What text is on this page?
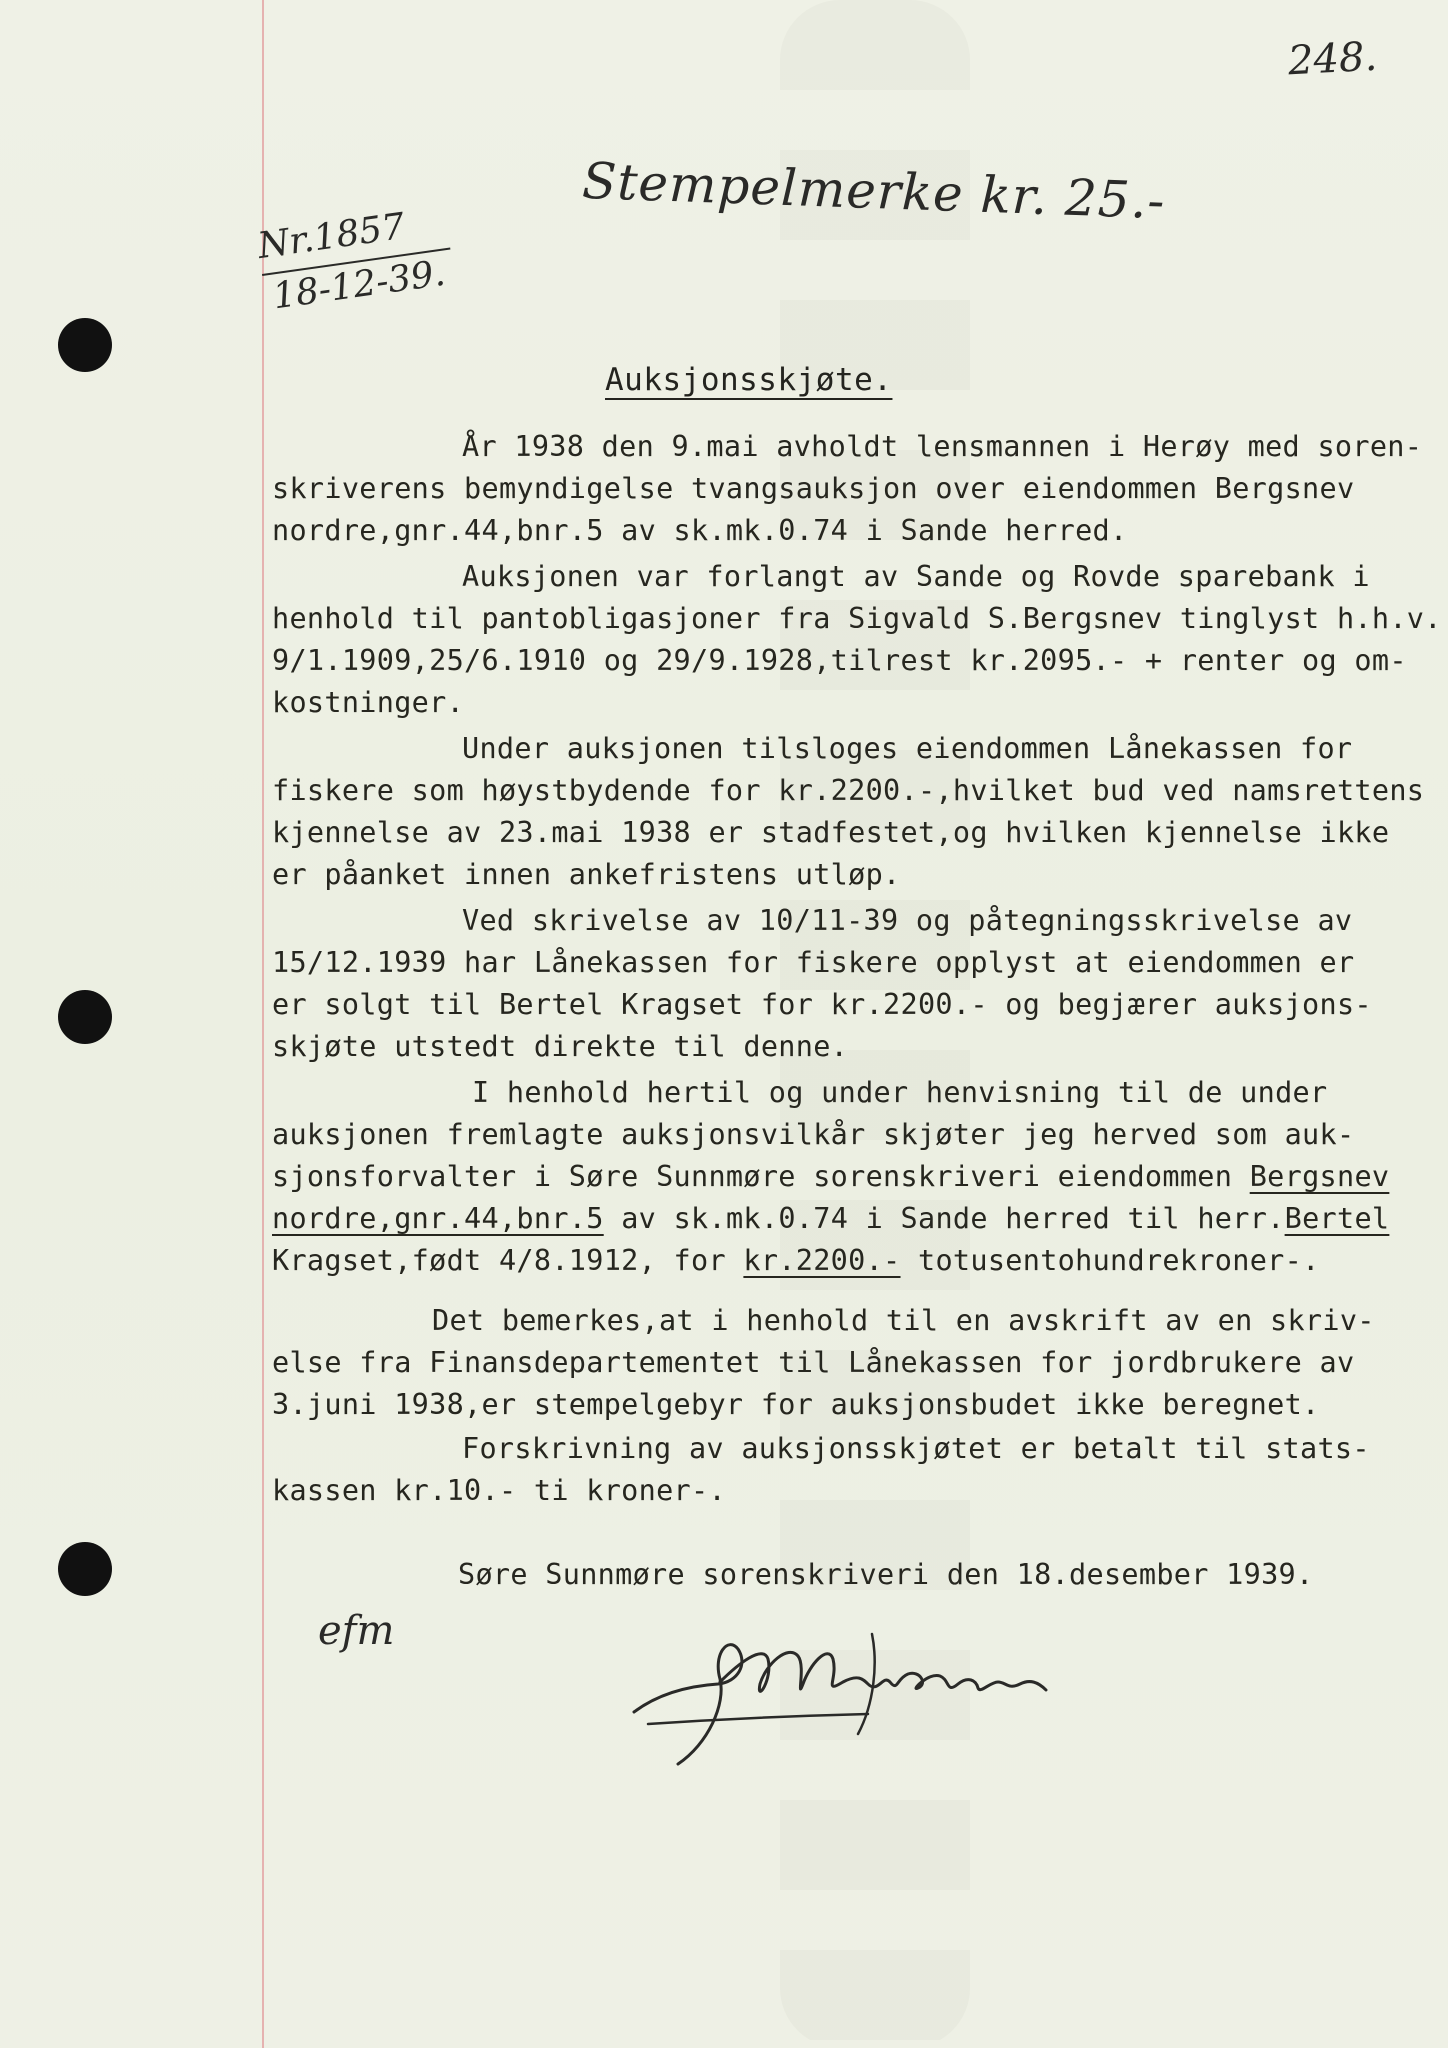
248.
Stempelmerke kr. 25.-
Nr.1857
18-12-39.
Auksjonsskjøte.
År 1938 den 9.mai avholdt lensmannen i Herøy med soren-
skriverens bemyndigelse tvangsauksjon over eiendommen Bergsnev
nordre,gnr.44,bnr.5 av sk.mk.0.74 i Sande herred.
Auksjonen var forlangt av Sande og Rovde sparebank i
henhold til pantobligasjoner fra Sigvald S.Bergsnev tinglyst h.h.v.
9/1.1909,25/6.1910 og 29/9.1928,tilrest kr.2095.- + renter og om-
kostninger.
Under auksjonen tilsloges eiendommen Lånekassen for
fiskere som høystbydende for kr.2200.-,hvilket bud ved namsrettens
kjennelse av 23.mai 1938 er stadfestet,og hvilken kjennelse ikke
er påanket innen ankefristens utløp.
Ved skrivelse av 10/11-39 og påtegningsskrivelse av
15/12.1939 har Lånekassen for fiskere opplyst at eiendommen er
er solgt til Bertel Kragset for kr.2200.- og begjærer auksjons-
skjøte utstedt direkte til denne.
I henhold hertil og under henvisning til de under
auksjonen fremlagte auksjonsvilkår skjøter jeg herved som auk-
sjonsforvalter i Søre Sunnmøre sorenskriveri eiendommen Bergsnev
nordre,gnr.44,bnr.5 av sk.mk.0.74 i Sande herred til herr.Bertel
Kragset,født 4/8.1912, for kr.2200.- totusentohundrekroner-.
Det bemerkes,at i henhold til en avskrift av en skriv-
else fra Finansdepartementet til Lånekassen for jordbrukere av
3.juni 1938,er stempelgebyr for auksjonsbudet ikke beregnet.
Forskrivning av auksjonsskjøtet er betalt til stats-
kassen kr.10.- ti kroner-.
Søre Sunnmøre sorenskriveri den 18.desember 1939.
efm
